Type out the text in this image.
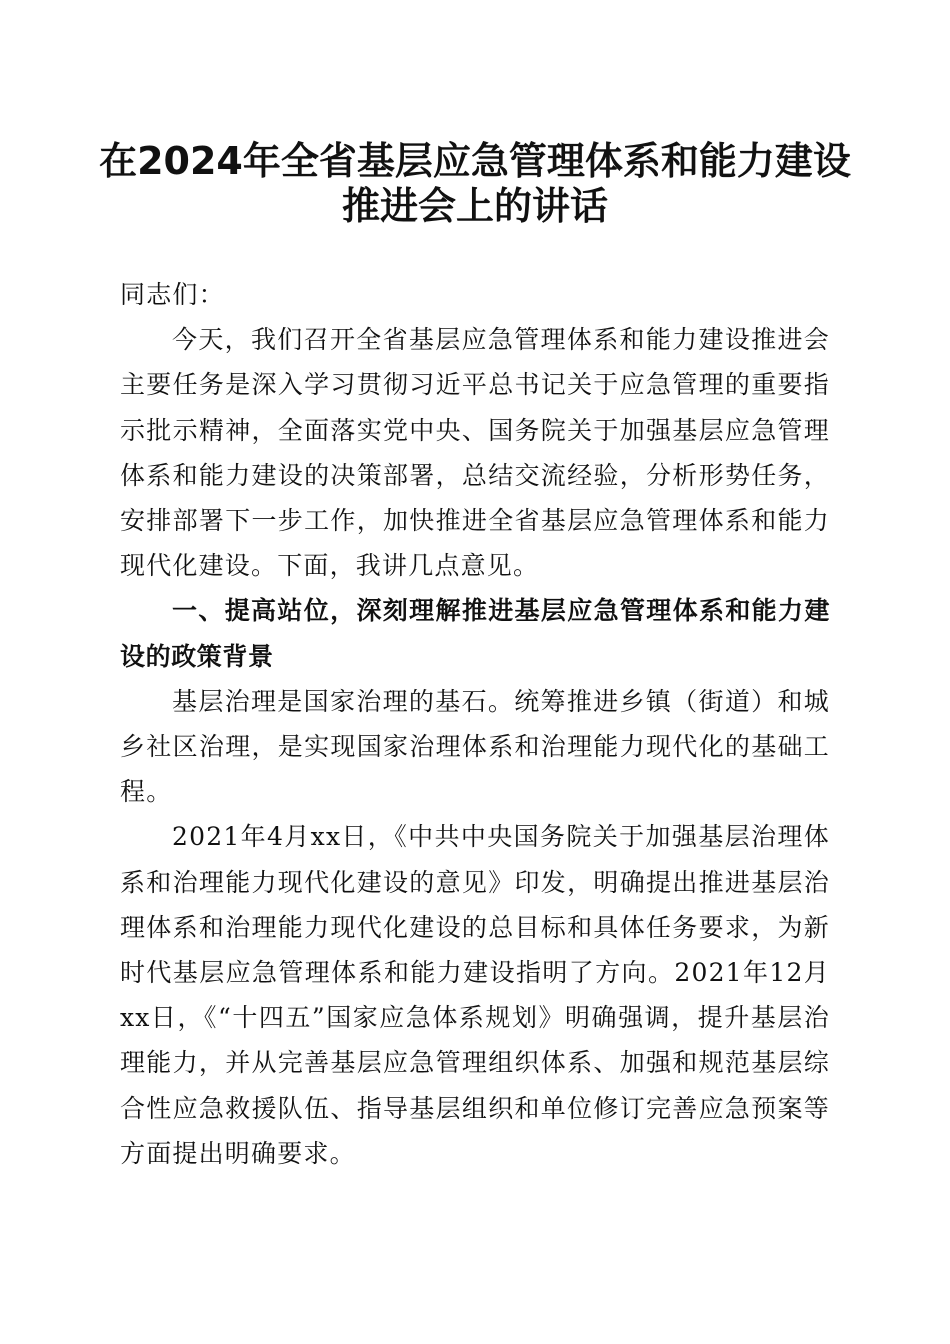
在2024年全省基层应急管理体系和能力建设
推进会上的讲话

同志们：

今天，我们召开全省基层应急管理体系和能力建设推进会主要任务是深入学习贯彻习近平总书记关于应急管理的重要指示批示精神，全面落实党中央、国务院关于加强基层应急管理体系和能力建设的决策部署，总结交流经验，分析形势任务，安排部署下一步工作，加快推进全省基层应急管理体系和能力现代化建设。下面，我讲几点意见。

一、提高站位，深刻理解推进基层应急管理体系和能力建设的政策背景

基层治理是国家治理的基石。统筹推进乡镇（街道）和城乡社区治理，是实现国家治理体系和治理能力现代化的基础工程。

2021年4月xx日，《中共中央国务院关于加强基层治理体系和治理能力现代化建设的意见》印发，明确提出推进基层治理体系和治理能力现代化建设的总目标和具体任务要求，为新时代基层应急管理体系和能力建设指明了方向。2021年12月xx日，《“十四五”国家应急体系规划》明确强调，提升基层治理能力，并从完善基层应急管理组织体系、加强和规范基层综合性应急救援队伍、指导基层组织和单位修订完善应急预案等方面提出明确要求。
